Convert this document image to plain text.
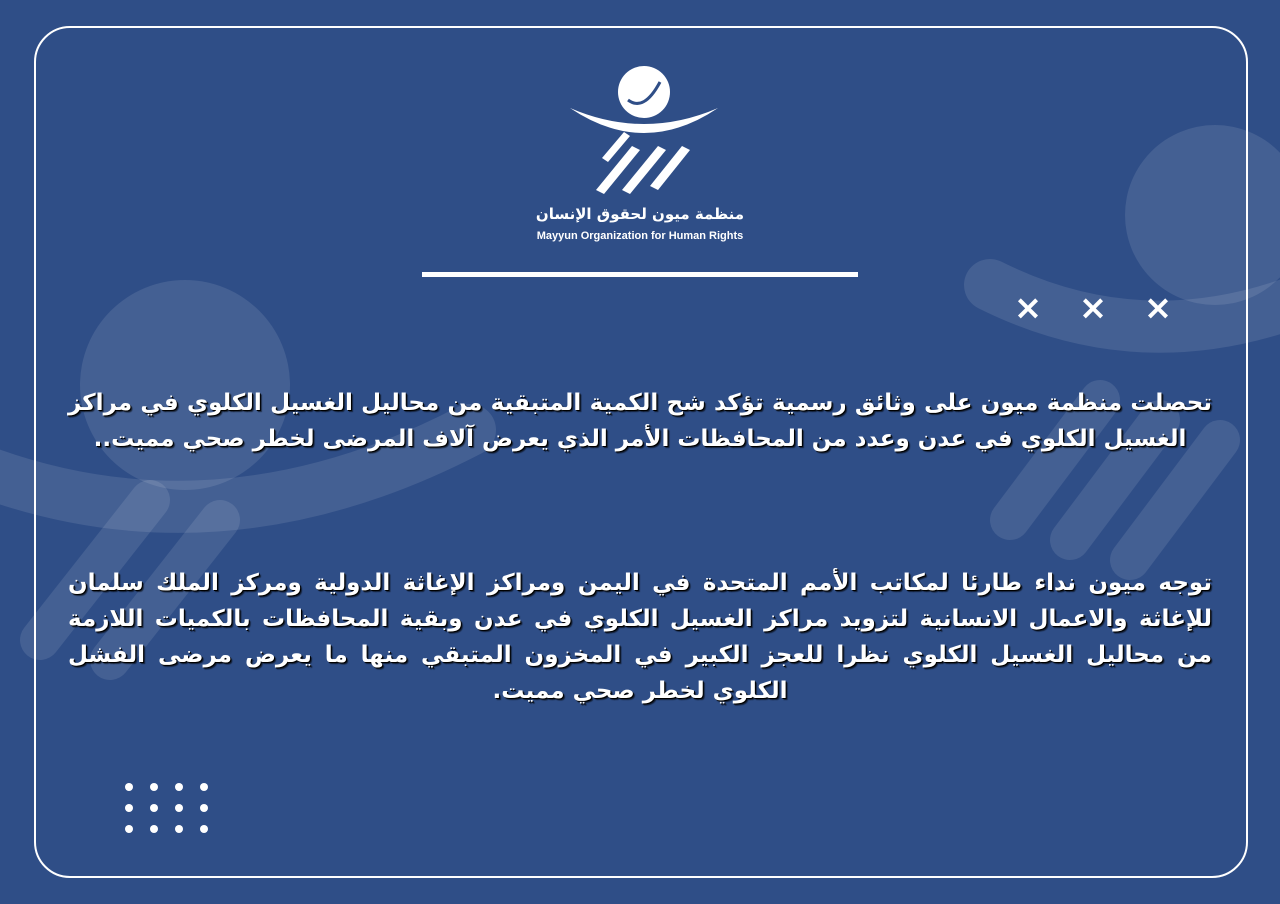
منظمة ميون لحقوق الإنسان
Mayyun Organization for Human Rights
× × ×

تحصلت منظمة ميون على وثائق رسمية تؤكد شح الكمية المتبقية من محاليل الغسيل الكلوي في مراكز الغسيل الكلوي في عدن وعدد من المحافظات الأمر الذي يعرض آلاف المرضى لخطر صحي مميت..

توجه ميون نداء طارئا لمكاتب الأمم المتحدة في اليمن ومراكز الإغاثة الدولية ومركز الملك سلمان للإغاثة والاعمال الانسانية لتزويد مراكز الغسيل الكلوي في عدن وبقية المحافظات بالكميات اللازمة من محاليل الغسيل الكلوي نظرا للعجز الكبير في المخزون المتبقي منها ما يعرض مرضى الفشل الكلوي لخطر صحي مميت.
